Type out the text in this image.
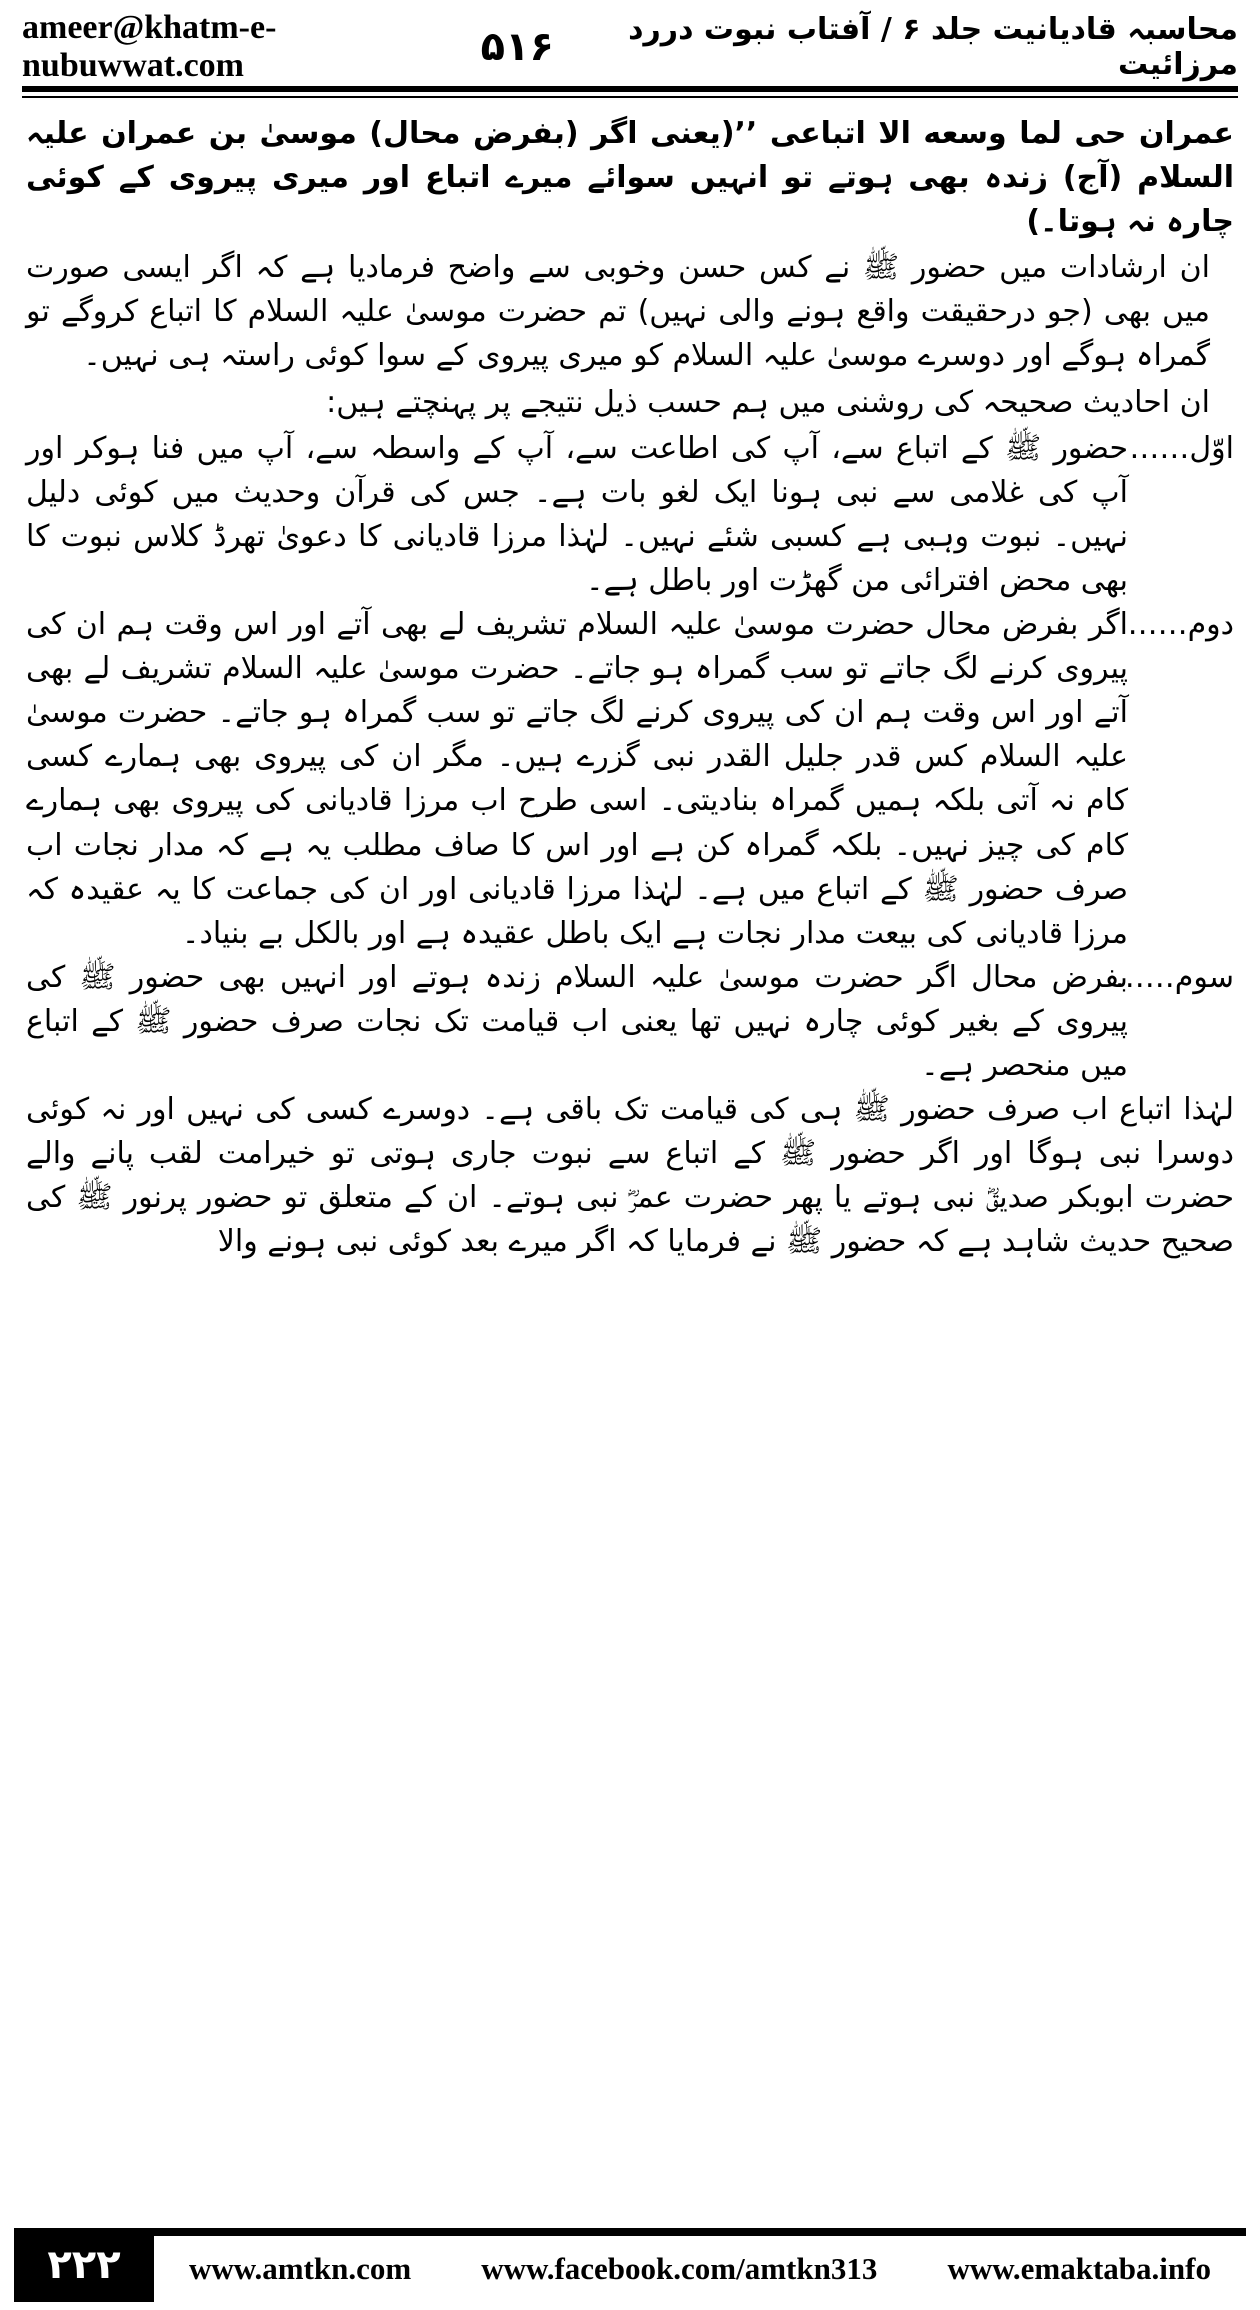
ameer@khatm-e-nubuwwat.com	۵۱۶	محاسبہ قادیانیت جلد ۶ / آفتاب نبوت دررد مرزائیت

عمران حی لما وسعه الا اتباعی ’’(یعنی اگر (بفرض محال) موسیٰ بن عمران علیہ السلام (آج) زندہ بھی ہوتے تو انہیں سوائے میرے اتباع اور میری پیروی کے کوئی چارہ نہ ہوتا۔)

ان ارشادات میں حضور ﷺ نے کس حسن وخوبی سے واضح فرمادیا ہے کہ اگر ایسی صورت میں بھی (جو درحقیقت واقع ہونے والی نہیں) تم حضرت موسیٰ علیہ السلام کا اتباع کروگے تو گمراہ ہوگے اور دوسرے موسیٰ علیہ السلام کو میری پیروی کے سوا کوئی راستہ ہی نہیں۔

ان احادیث صحیحہ کی روشنی میں ہم حسب ذیل نتیجے پر پہنچتے ہیں:

اوّل……
حضور ﷺ کے اتباع سے، آپ کی اطاعت سے، آپ کے واسطہ سے، آپ میں فنا ہوکر اور آپ کی غلامی سے نبی ہونا ایک لغو بات ہے۔ جس کی قرآن وحدیث میں کوئی دلیل نہیں۔ نبوت وہبی ہے کسبی شئے نہیں۔ لہٰذا مرزا قادیانی کا دعویٰ تھرڈ کلاس نبوت کا بھی محض افترائی من گھڑت اور باطل ہے۔
دوم……
اگر بفرض محال حضرت موسیٰ علیہ السلام تشریف لے بھی آتے اور اس وقت ہم ان کی پیروی کرنے لگ جاتے تو سب گمراہ ہو جاتے۔ حضرت موسیٰ علیہ السلام تشریف لے بھی آتے اور اس وقت ہم ان کی پیروی کرنے لگ جاتے تو سب گمراہ ہو جاتے۔ حضرت موسیٰ علیہ السلام کس قدر جلیل القدر نبی گزرے ہیں۔ مگر ان کی پیروی بھی ہمارے کسی کام نہ آتی بلکہ ہمیں گمراہ بنادیتی۔ اسی طرح اب مرزا قادیانی کی پیروی بھی ہمارے کام کی چیز نہیں۔ بلکہ گمراہ کن ہے اور اس کا صاف مطلب یہ ہے کہ مدار نجات اب صرف حضور ﷺ کے اتباع میں ہے۔ لہٰذا مرزا قادیانی اور ان کی جماعت کا یہ عقیدہ کہ مرزا قادیانی کی بیعت مدار نجات ہے ایک باطل عقیدہ ہے اور بالکل بے بنیاد۔
سوم……
بفرض محال اگر حضرت موسیٰ علیہ السلام زندہ ہوتے اور انہیں بھی حضور ﷺ کی پیروی کے بغیر کوئی چارہ نہیں تھا یعنی اب قیامت تک نجات صرف حضور ﷺ کے اتباع میں منحصر ہے۔

لہٰذا اتباع اب صرف حضور ﷺ ہی کی قیامت تک باقی ہے۔ دوسرے کسی کی نہیں اور نہ کوئی دوسرا نبی ہوگا اور اگر حضور ﷺ کے اتباع سے نبوت جاری ہوتی تو خیرامت لقب پانے والے حضرت ابوبکر صدیقؓ نبی ہوتے یا پھر حضرت عمرؓ نبی ہوتے۔ ان کے متعلق تو حضور پرنور ﷺ کی صحیح حدیث شاہد ہے کہ حضور ﷺ نے فرمایا کہ اگر میرے بعد کوئی نبی ہونے والا

۲۲۲	www.amtkn.com www.facebook.com/amtkn313 www.emaktaba.info
